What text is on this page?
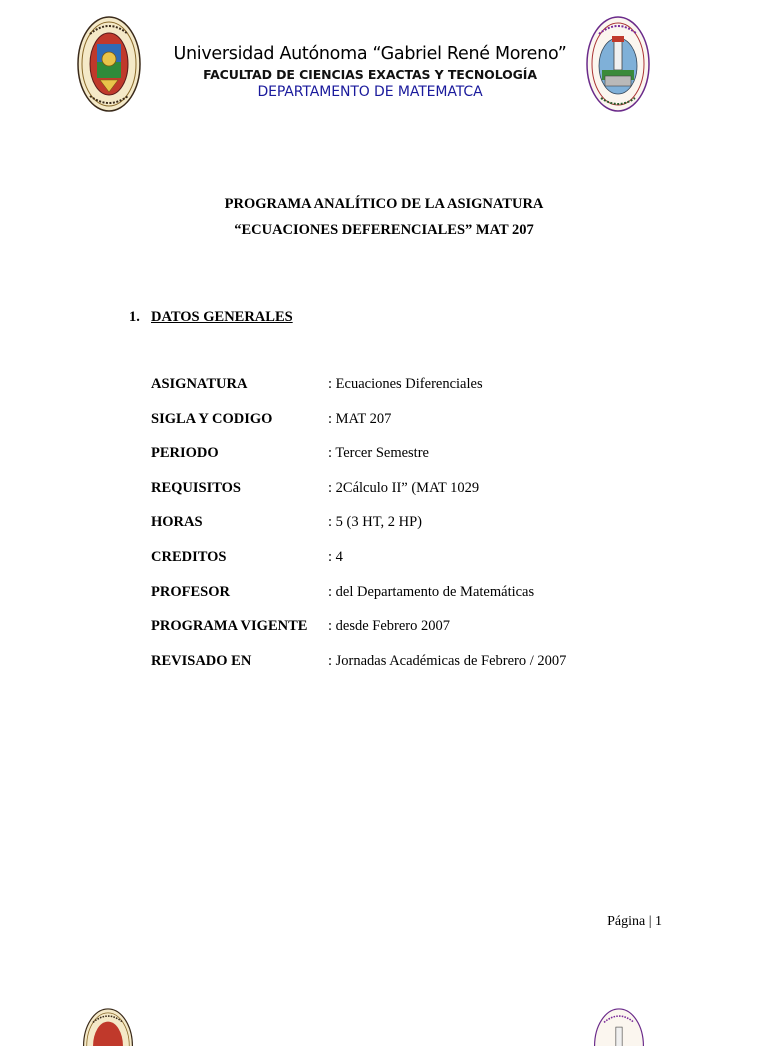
Universidad Autónoma “Gabriel René Moreno”
FACULTAD DE CIENCIAS EXACTAS Y TECNOLOGÍA
DEPARTAMENTO DE MATEMATCA
PROGRAMA ANALÍTICO DE LA ASIGNATURA
“ECUACIONES DEFERENCIALES” MAT 207
1. DATOS GENERALES
ASIGNATURA	: Ecuaciones Diferenciales
SIGLA Y CODIGO	: MAT 207
PERIODO	: Tercer Semestre
REQUISITOS	: 2Cálculo II” (MAT 1029
HORAS	: 5 (3 HT, 2 HP)
CREDITOS	: 4
PROFESOR	: del Departamento de Matemáticas
PROGRAMA VIGENTE : desde Febrero 2007
REVISADO EN	: Jornadas Académicas de Febrero / 2007
Página | 1
